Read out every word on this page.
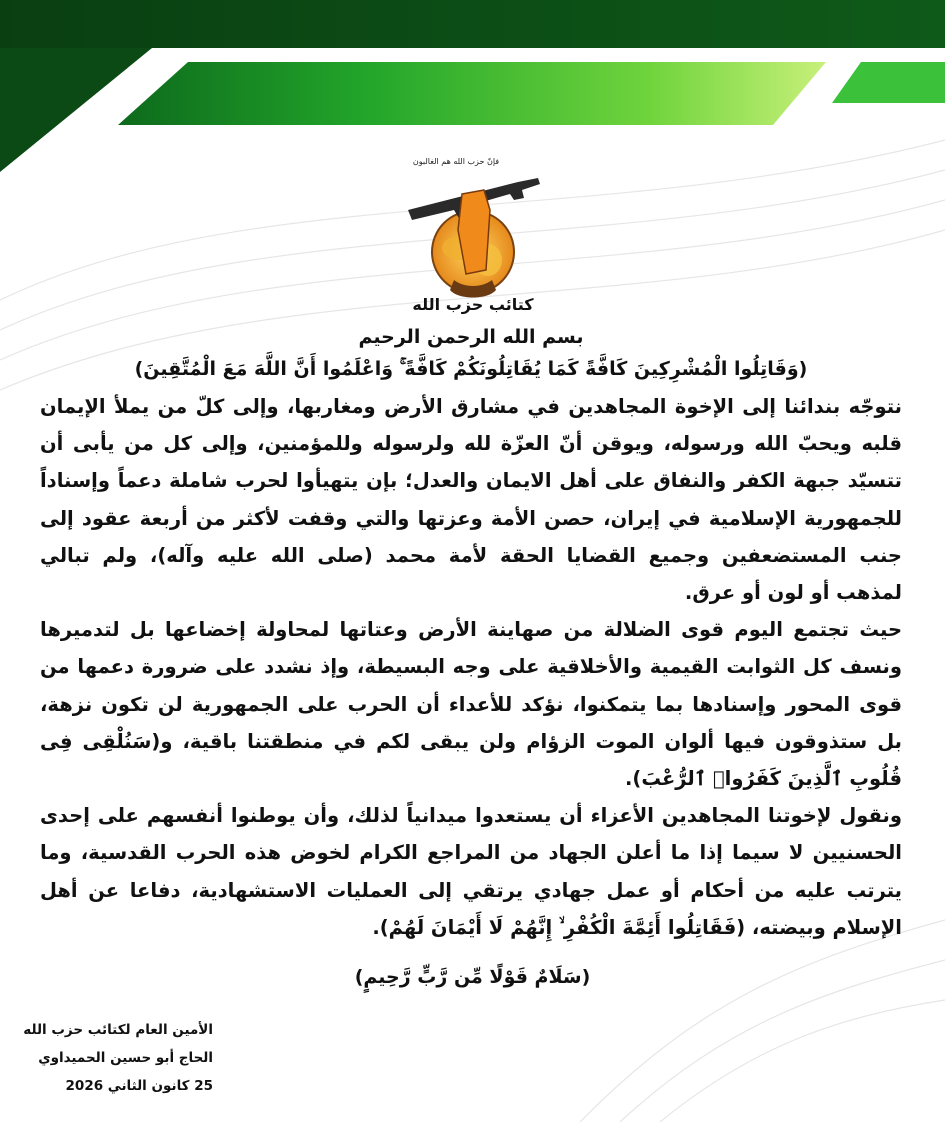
فإنّ حزب الله هم الغالبون
كتائب حزب الله

بسم الله الرحمن الرحيم

(وَقَاتِلُوا الْمُشْرِكِينَ كَافَّةً كَمَا يُقَاتِلُونَكُمْ كَافَّةً ۚ وَاعْلَمُوا أَنَّ اللَّهَ مَعَ الْمُتَّقِينَ)

نتوجّه بندائنا إلى الإخوة المجاهدين في مشارق الأرض ومغاربها، وإلى كلّ من يملأ الإيمان قلبه ويحبّ الله ورسوله، ويوقن أنّ العزّة لله ولرسوله وللمؤمنين، وإلى كل من يأبى أن تتسيّد جبهة الكفر والنفاق على أهل الايمان والعدل؛ بإن يتهيأوا لحرب شاملة دعماً وإسناداً للجمهورية الإسلامية في إيران، حصن الأمة وعزتها والتي وقفت لأكثر من أربعة عقود إلى جنب المستضعفين وجميع القضايا الحقة لأمة محمد (صلى الله عليه وآله)، ولم تبالي لمذهب أو لون أو عرق.

حيث تجتمع اليوم قوى الضلالة من صهاينة الأرض وعتاتها لمحاولة إخضاعها بل لتدميرها ونسف كل الثوابت القيمية والأخلاقية على وجه البسيطة، وإذ نشدد على ضرورة دعمها من قوى المحور وإسنادها بما يتمكنوا، نؤكد للأعداء أن الحرب على الجمهورية لن تكون نزهة، بل ستذوقون فيها ألوان الموت الزؤام ولن يبقى لكم في منطقتنا باقية، و(سَنُلْقِى فِى قُلُوبِ ٱلَّذِينَ كَفَرُوا۟ ٱلرُّعْبَ).

ونقول لإخوتنا المجاهدين الأعزاء أن يستعدوا ميدانياً لذلك، وأن يوطنوا أنفسهم على إحدى الحسنيين لا سيما إذا ما أعلن الجهاد من المراجع الكرام لخوض هذه الحرب القدسية، وما يترتب عليه من أحكام أو عمل جهادي يرتقي إلى العمليات الاستشهادية، دفاعا عن أهل الإسلام وبيضته، (فَقَاتِلُوا أَئِمَّةَ الْكُفْرِ ۙ إِنَّهُمْ لَا أَيْمَانَ لَهُمْ).

(سَلَامٌ قَوْلًا مِّن رَّبٍّ رَّحِيمٍ)

الأمين العام لكتائب حزب الله

الحاج أبو حسين الحميداوي

25 كانون الثاني 2026
